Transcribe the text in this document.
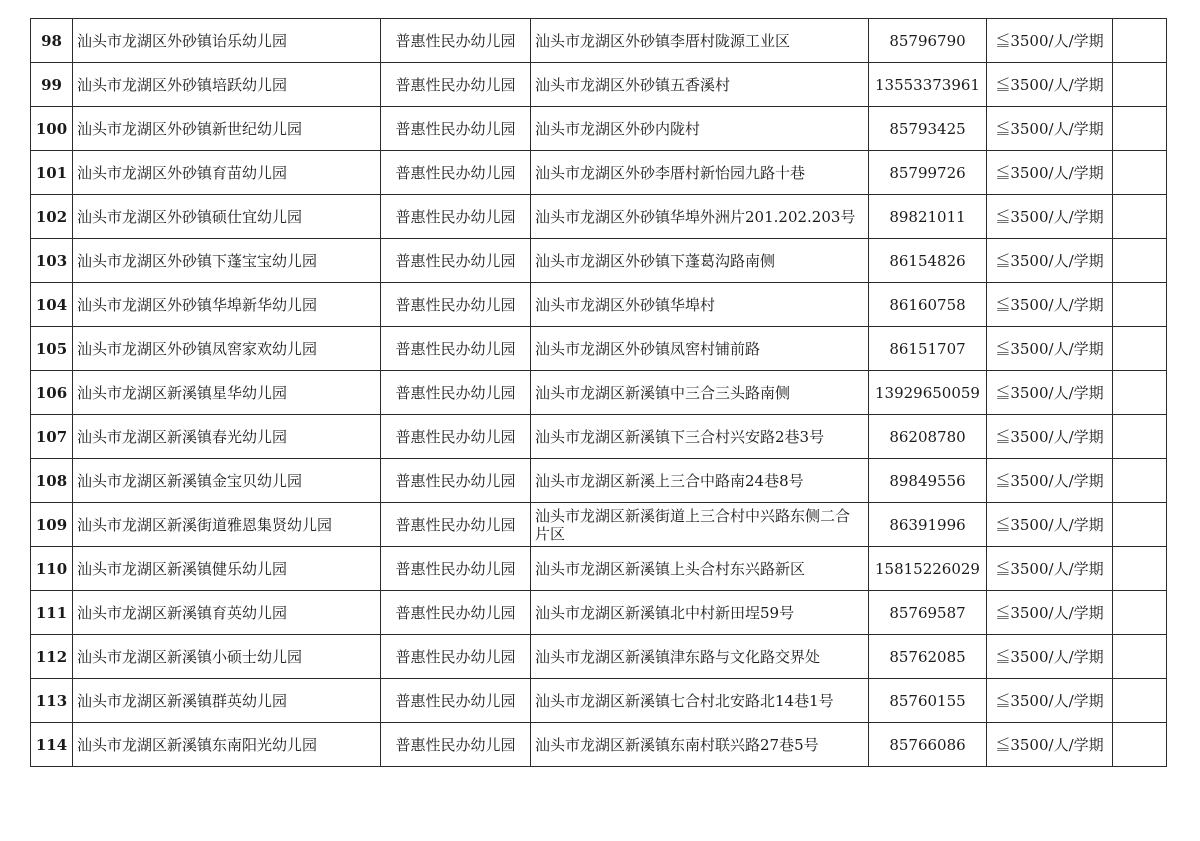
98	汕头市龙湖区外砂镇诒乐幼儿园	普惠性民办幼儿园	汕头市龙湖区外砂镇李厝村陇源工业区	85796790	≦3500/人/学期	
99	汕头市龙湖区外砂镇培跃幼儿园	普惠性民办幼儿园	汕头市龙湖区外砂镇五香溪村	13553373961	≦3500/人/学期	
100	汕头市龙湖区外砂镇新世纪幼儿园	普惠性民办幼儿园	汕头市龙湖区外砂内陇村	85793425	≦3500/人/学期	
101	汕头市龙湖区外砂镇育苗幼儿园	普惠性民办幼儿园	汕头市龙湖区外砂李厝村新怡园九路十巷	85799726	≦3500/人/学期	
102	汕头市龙湖区外砂镇硕仕宜幼儿园	普惠性民办幼儿园	汕头市龙湖区外砂镇华埠外洲片201.202.203号	89821011	≦3500/人/学期	
103	汕头市龙湖区外砂镇下蓬宝宝幼儿园	普惠性民办幼儿园	汕头市龙湖区外砂镇下蓬葛沟路南侧	86154826	≦3500/人/学期	
104	汕头市龙湖区外砂镇华埠新华幼儿园	普惠性民办幼儿园	汕头市龙湖区外砂镇华埠村	86160758	≦3500/人/学期	
105	汕头市龙湖区外砂镇凤窖家欢幼儿园	普惠性民办幼儿园	汕头市龙湖区外砂镇凤窖村铺前路	86151707	≦3500/人/学期	
106	汕头市龙湖区新溪镇星华幼儿园	普惠性民办幼儿园	汕头市龙湖区新溪镇中三合三头路南侧	13929650059	≦3500/人/学期	
107	汕头市龙湖区新溪镇春光幼儿园	普惠性民办幼儿园	汕头市龙湖区新溪镇下三合村兴安路2巷3号	86208780	≦3500/人/学期	
108	汕头市龙湖区新溪镇金宝贝幼儿园	普惠性民办幼儿园	汕头市龙湖区新溪上三合中路南24巷8号	89849556	≦3500/人/学期	
109	汕头市龙湖区新溪街道雅恩集贤幼儿园	普惠性民办幼儿园	汕头市龙湖区新溪街道上三合村中兴路东侧二合片区	86391996	≦3500/人/学期	
110	汕头市龙湖区新溪镇健乐幼儿园	普惠性民办幼儿园	汕头市龙湖区新溪镇上头合村东兴路新区	15815226029	≦3500/人/学期	
111	汕头市龙湖区新溪镇育英幼儿园	普惠性民办幼儿园	汕头市龙湖区新溪镇北中村新田埕59号	85769587	≦3500/人/学期	
112	汕头市龙湖区新溪镇小硕士幼儿园	普惠性民办幼儿园	汕头市龙湖区新溪镇津东路与文化路交界处	85762085	≦3500/人/学期	
113	汕头市龙湖区新溪镇群英幼儿园	普惠性民办幼儿园	汕头市龙湖区新溪镇七合村北安路北14巷1号	85760155	≦3500/人/学期	
114	汕头市龙湖区新溪镇东南阳光幼儿园	普惠性民办幼儿园	汕头市龙湖区新溪镇东南村联兴路27巷5号	85766086	≦3500/人/学期	
